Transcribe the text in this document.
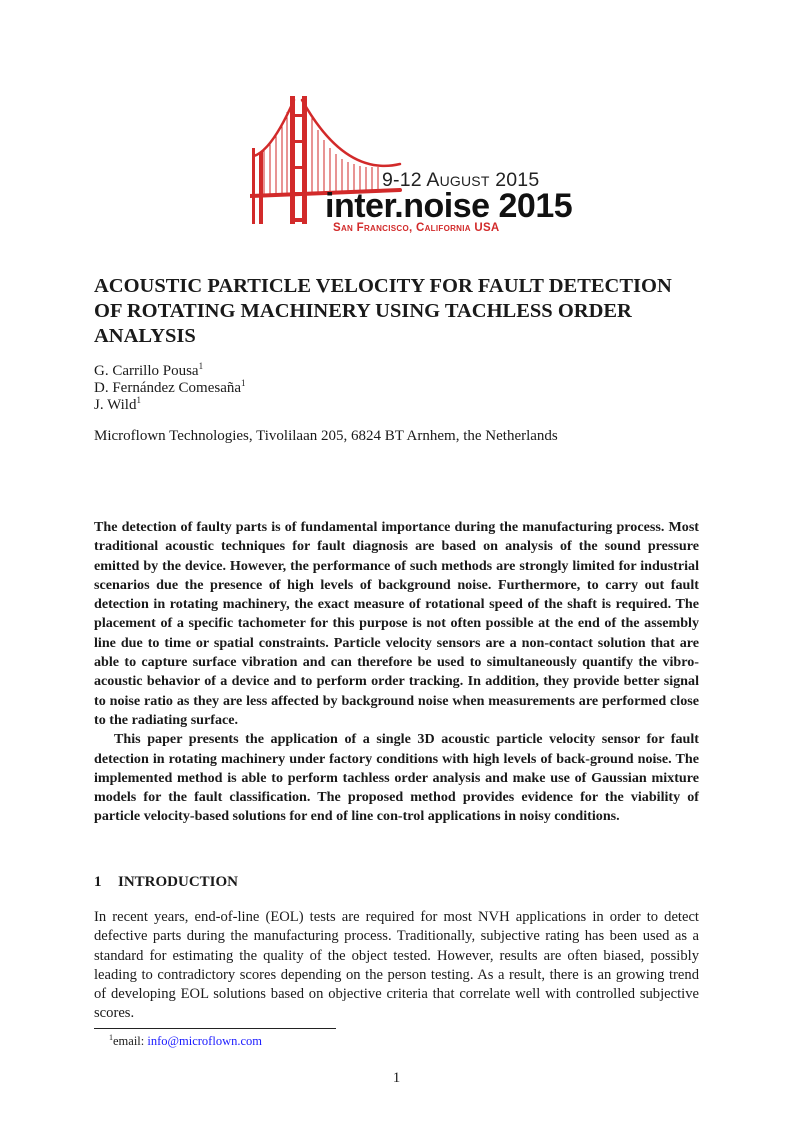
9-12 August 2015
inter.noise 2015
San Francisco, California USA
ACOUSTIC PARTICLE VELOCITY FOR FAULT DETECTION OF ROTATING MACHINERY USING TACHLESS ORDER ANALYSIS
G. Carrillo Pousa$^1$
D. Fernández Comesaña$^1$
J. Wild$^1$
Microflown Technologies, Tivolilaan 205, 6824 BT Arnhem, the Netherlands

The detection of faulty parts is of fundamental importance during the manufacturing process. Most traditional acoustic techniques for fault diagnosis are based on analysis of the sound pressure emitted by the device. However, the performance of such methods are strongly limited for industrial scenarios due the presence of high levels of background noise. Furthermore, to carry out fault detection in rotating machinery, the exact measure of rotational speed of the shaft is required. The placement of a specific tachometer for this purpose is not often possible at the end of the assembly line due to time or spatial constraints. Particle velocity sensors are a non-contact solution that are able to capture surface vibration and can therefore be used to simultaneously quantify the vibro-acoustic behavior of a device and to perform order tracking. In addition, they provide better signal to noise ratio as they are less affected by background noise when measurements are performed close to the radiating surface.

This paper presents the application of a single 3D acoustic particle velocity sensor for fault detection in rotating machinery under factory conditions with high levels of back-ground noise. The implemented method is able to perform tachless order analysis and make use of Gaussian mixture models for the fault classification. The proposed method provides evidence for the viability of particle velocity-based solutions for end of line con-trol applications in noisy conditions.

1 INTRODUCTION

In recent years, end-of-line (EOL) tests are required for most NVH applications in order to detect defective parts during the manufacturing process. Traditionally, subjective rating has been used as a standard for estimating the quality of the object tested. However, results are often biased, possibly leading to contradictory scores depending on the person testing. As a result, there is an growing trend of developing EOL solutions based on objective criteria that correlate well with controlled subjective scores.

$^1$email: info@microflown.com
1
